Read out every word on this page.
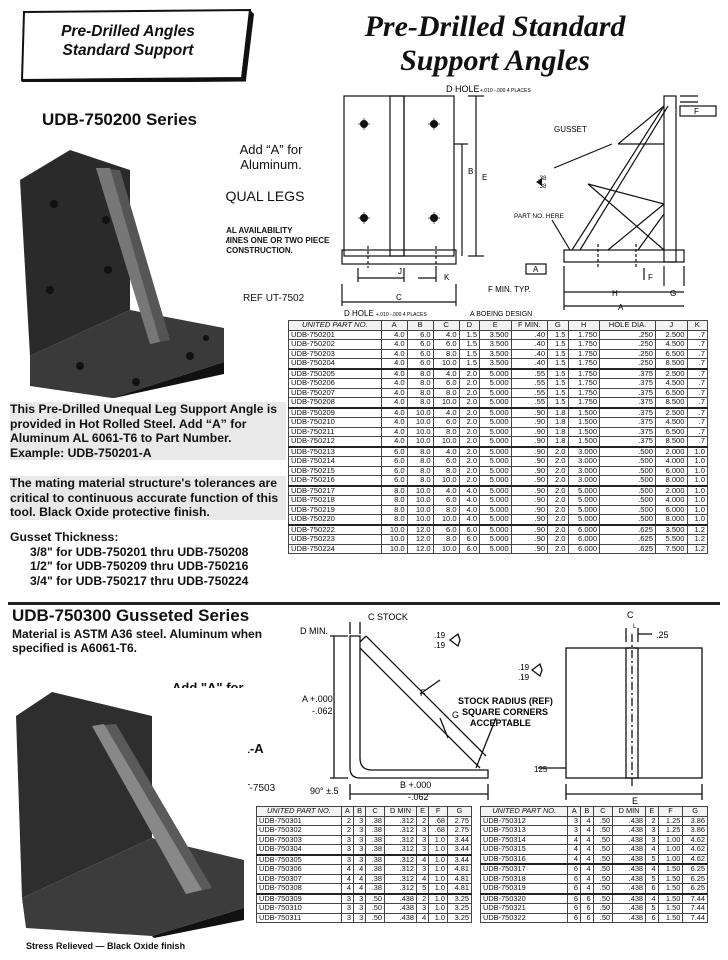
Pre-Drilled Angles
Standard Support
Pre-Drilled Standard
Support Angles
UDB-750200 Series
Add “A” for Aluminum.
UNEQUAL LEGS
MATERIAL AVAILABILITY DETERMINES ONE OR TWO PIECE ANGLE CONSTRUCTION.
REF UT-7502
This Pre-Drilled Unequal Leg Support Angle is provided in Hot Rolled Steel. Add “A” for Aluminum AL 6061-T6 to Part Number. Example: UDB-750201-A
The mating material structure's tolerances are critical to continuous accurate function of this tool. Black Oxide protective finish.
Gusset Thickness:
3/8" for UDB-750201 thru UDB-750208
1/2" for UDB-750209 thru UDB-750216
3/4" for UDB-750217 thru UDB-750224
D HOLE +.010 -.000 4 PLACES
GUSSET
PART NO. HERE
F MIN. TYP.
D HOLE +.010 -.000 4 PLACES	A BOEING DESIGN
B
E
J
K
C	H	G
A
F
A
F
.38
.38
UNITED PART NO.	A	B	C	D	E	F MIN.	G	H	HOLE DIA.	J	K
UDB-750201	4.0	6.0	4.0	1.5	3.500	.40	1.5	1.750	.250	2.500	.7
UDB-750202	4.0	6.0	6.0	1.5	3.500	.40	1.5	1.750	.250	4.500	.7
UDB-750203	4.0	6.0	8.0	1.5	3.500	.40	1.5	1.750	.250	6.500	.7
UDB-750204	4.0	6.0	10.0	1.5	3.500	.40	1.5	1.750	.250	8.500	.7
UDB-750205	4.0	8.0	4.0	2.0	5.000	.55	1.5	1.750	.375	2.500	.7
UDB-750206	4.0	8.0	6.0	2.0	5.000	.55	1.5	1.750	.375	4.500	.7
UDB-750207	4.0	8.0	8.0	2.0	5.000	.55	1.5	1.750	.375	6.500	.7
UDB-750208	4.0	8.0	10.0	2.0	5.000	.55	1.5	1.750	.375	8.500	.7
UDB-750209	4.0	10.0	4.0	2.0	5.000	.90	1.8	1.500	.375	2.500	.7
UDB-750210	4.0	10.0	6.0	2.0	5.000	.90	1.8	1.500	.375	4.500	.7
UDB-750211	4.0	10.0	8.0	2.0	5.000	.90	1.8	1.500	.375	6.500	.7
UDB-750212	4.0	10.0	10.0	2.0	5.000	.90	1.8	1.500	.375	8.500	.7
UDB-750213	6.0	8.0	4.0	2.0	5.000	.90	2.0	3.000	.500	2.000	1.0
UDB-750214	6.0	8.0	6.0	2.0	5.000	.90	2.0	3.000	.500	4.000	1.0
UDB-750215	6.0	8.0	8.0	2.0	5.000	.90	2.0	3.000	.500	6.000	1.0
UDB-750216	6.0	8.0	10.0	2.0	5.000	.90	2.0	3.000	.500	8.000	1.0
UDB-750217	8.0	10.0	4.0	4.0	5.000	.90	2.0	5.000	.500	2.000	1.0
UDB-750218	8.0	10.0	6.0	4.0	5.000	.90	2.0	5.000	.500	4.000	1.0
UDB-750219	8.0	10.0	8.0	4.0	5.000	.90	2.0	5.000	.500	6.000	1.0
UDB-750220	8.0	10.0	10.0	4.0	5.000	.90	2.0	5.000	.500	8.000	1.0
UDB-750222	10.0	12.0	6.0	6.0	5.000	.90	2.0	6.000	.625	3.500	1.2
UDB-750223	10.0	12.0	8.0	6.0	5.000	.90	2.0	6.000	.625	5.500	1.2
UDB-750224	10.0	12.0	10.0	6.0	5.000	.90	2.0	6.000	.625	7.500	1.2
UDB-750300 Gusseted Series
Material is ASTM A36 steel. Aluminum when specified is A6061-T6.
Add "A" for Aluminum.
EXAMPLE:
UDB-750301-A
REF UT-7503
Stress Relieved — Black Oxide finish
C STOCK
D MIN.
F
G
A +.000
-.062
B +.000
-.062
90° ±.5
STOCK RADIUS (REF)
SQUARE CORNERS
ACCEPTABLE
.19
.19
.19
.19
C
L
.25
E
125
UNITED PART NO.	A	B	C	D MIN	E	F	G
UDB-750301	2	3	.38	.312	2	.68	2.75
UDB-750302	2	3	.38	.312	3	.68	2.75
UDB-750303	3	3	.38	.312	3	1.0	3.44
UDB-750304	3	3	.38	.312	3	1.0	3.44
UDB-750305	3	3	.38	.312	4	1.0	3.44
UDB-750306	4	4	.38	.312	3	1.0	4.81
UDB-750307	4	4	.38	.312	4	1.0	4.81
UDB-750308	4	4	.38	.312	5	1.0	4.81
UDB-750309	3	3	.50	.438	2	1.0	3.25
UDB-750310	3	3	.50	.438	3	1.0	3.25
UDB-750311	3	3	.50	.438	4	1.0	3.25
UNITED PART NO.	A	B	C	D MIN	E	F	G
UDB-750312	3	4	.50	.438	2	1.25	3.86
UDB-750313	3	4	.50	.438	3	1.25	3.86
UDB-750314	4	4	.50	.438	3	1.00	4.62
UDB-750315	4	4	.50	.438	4	1.00	4.62
UDB-750316	4	4	.50	.438	5	1.00	4.62
UDB-750317	6	4	.50	.438	4	1.50	6.25
UDB-750318	6	4	.50	.438	5	1.50	6.25
UDB-750319	6	4	.50	.438	6	1.50	6.25
UDB-750320	6	6	.50	.438	4	1.50	7.44
UDB-750321	6	6	.50	.438	5	1.50	7.44
UDB-750322	6	6	.50	.438	6	1.50	7.44
